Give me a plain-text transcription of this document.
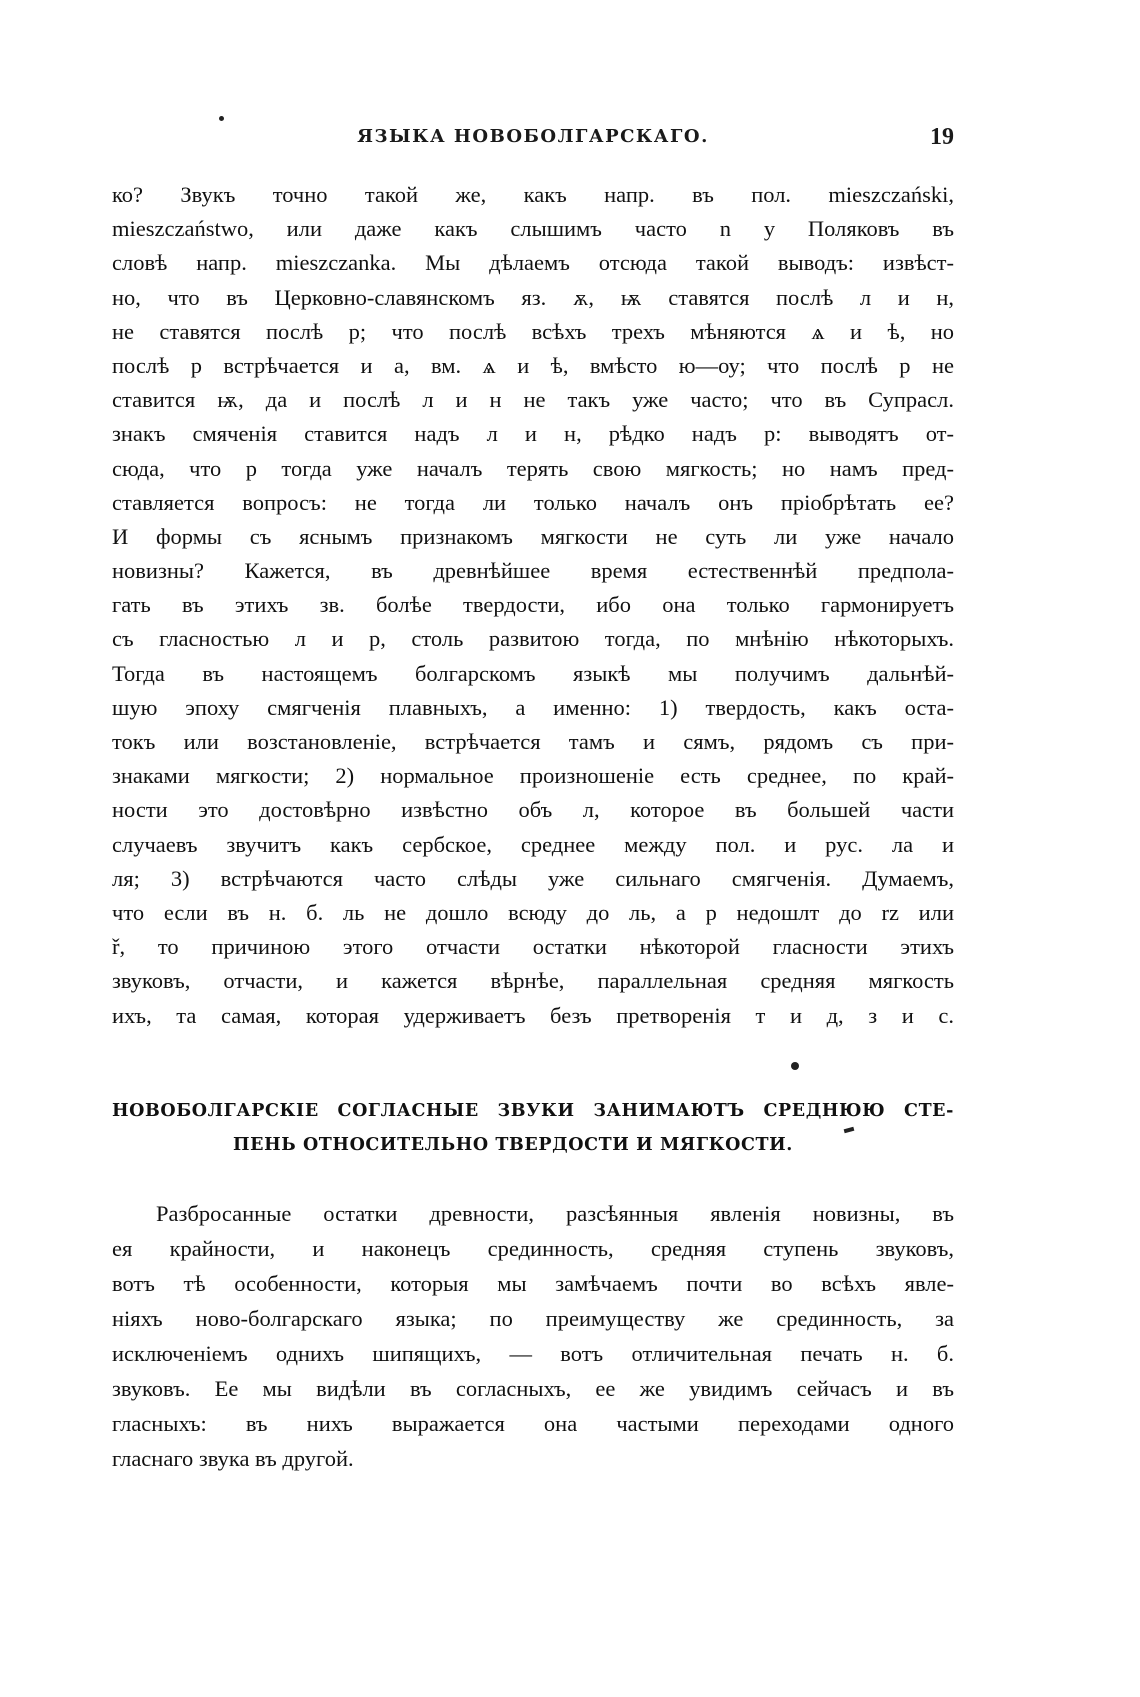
ЯЗЫКА НОВОБОЛГАРСКАГО.	19
ко? Звукъ точно такой же, какъ напр. въ пол. mieszczański,
mieszczaństwo, или даже какъ слышимъ часто n у Поляковъ въ
словѣ напр. mieszczanka. Мы дѣлаемъ отсюда такой выводъ: извѣст-
но, что въ Церковно-славянскомъ яз. ѫ, ѭ ставятся послѣ л и н,
не ставятся послѣ р; что послѣ всѣхъ трехъ мѣняются ѧ и ѣ, но
послѣ р встрѣчается и а, вм. ѧ и ѣ, вмѣсто ю—оу; что послѣ р не
ставится ѭ, да и послѣ л и н не такъ уже часто; что въ Супрасл.
знакъ смяченія ставится надъ л и н, рѣдко надъ р: выводятъ от-
сюда, что р тогда уже началъ терять свою мягкость; но намъ пред-
ставляется вопросъ: не тогда ли только началъ онъ пріобрѣтать ее?
И формы съ яснымъ признакомъ мягкости не суть ли уже начало
новизны? Кажется, въ древнѣйшее время естественнѣй предпола-
гать въ этихъ зв. болѣе твердости, ибо она только гармонируетъ
съ гласностью л и р, столь развитою тогда, по мнѣнію нѣкоторыхъ.
Тогда въ настоящемъ болгарскомъ языкѣ мы получимъ дальнѣй-
шую эпоху смягченія плавныхъ, а именно: 1) твердость, какъ оста-
токъ или возстановленіе, встрѣчается тамъ и сямъ, рядомъ съ при-
знаками мягкости; 2) нормальное произношеніе есть среднее, по край-
ности это достовѣрно извѣстно объ л, которое въ большей части
случаевъ звучитъ какъ сербское, среднее между пол. и рус. ла и
ля; 3) встрѣчаются часто слѣды уже сильнаго смягченія. Думаемъ,
что если въ н. б. ль не дошло всюду до ль, а р недошлт до rz или
ř, то причиною этого отчасти остатки нѣкоторой гласности этихъ
звуковъ, отчасти, и кажется вѣрнѣе, параллельная средняя мягкость
ихъ, та самая, которая удерживаетъ безъ претворенія т и д, з и с.
НОВОБОЛГАРСКІЕ СОГЛАСНЫЕ ЗВУКИ ЗАНИМАЮТЪ СРЕДНЮЮ СТЕ-
ПЕНЬ ОТНОСИТЕЛЬНО ТВЕРДОСТИ И МЯГКОСТИ.
Разбросанные остатки древности, разсѣянныя явленія новизны, въ
ея крайности, и наконецъ срединность, средняя ступень звуковъ,
вотъ тѣ особенности, которыя мы замѣчаемъ почти во всѣхъ явле-
ніяхъ ново-болгарскаго языка; по преимуществу же срединность, за
исключеніемъ однихъ шипящихъ, — вотъ отличительная печать н. б.
звуковъ. Ее мы видѣли въ согласныхъ, ее же увидимъ сейчасъ и въ
гласныхъ: въ нихъ выражается она частыми переходами одного
гласнаго звука въ другой.
